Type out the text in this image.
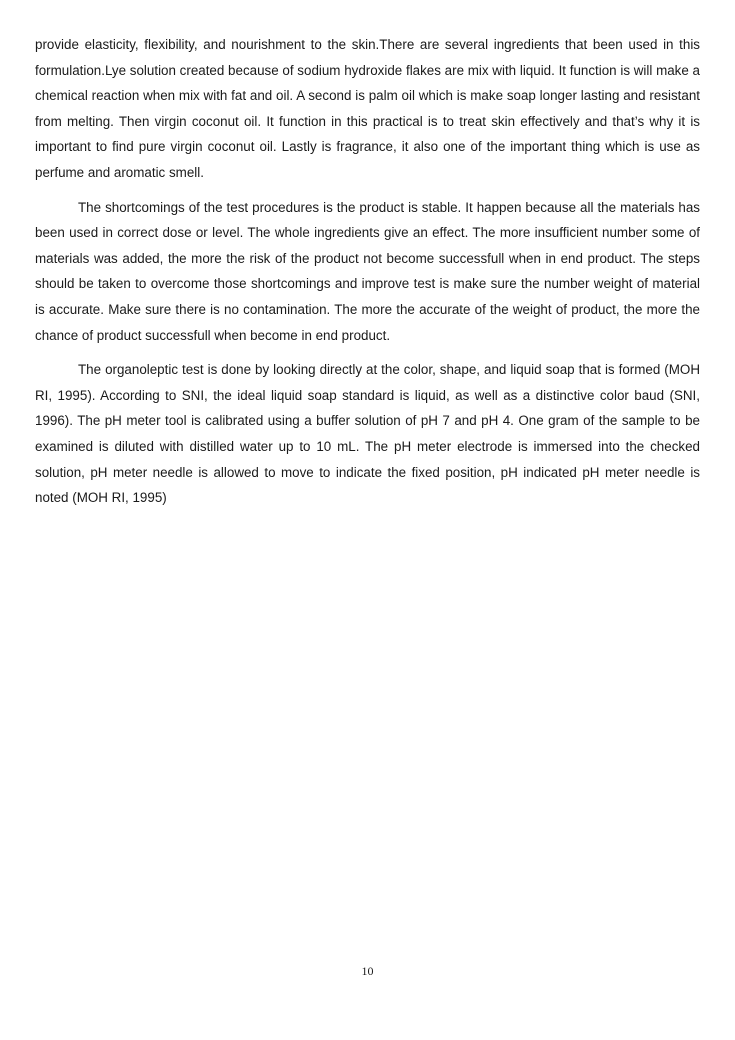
provide elasticity, flexibility, and nourishment to the skin.There are several ingredients that been used in this formulation.Lye solution created because of sodium hydroxide flakes are mix with liquid. It function is will make a chemical reaction when mix with fat and oil. A second is palm oil which is make soap longer lasting and resistant from melting. Then virgin coconut oil. It function in this practical is to treat skin effectively and that’s why it is important to find pure virgin coconut oil. Lastly is fragrance, it also one of the important thing which is use as perfume and aromatic smell.

The shortcomings of the test procedures is the product is stable. It happen because all the materials has been used in correct dose or level. The whole ingredients give an effect. The more insufficient number some of materials was added, the more the risk of the product not become successfull when in end product. The steps should be taken to overcome those shortcomings and improve test is make sure the number weight of material is accurate. Make sure there is no contamination. The more the accurate of the weight of product, the more the chance of product successfull when become in end product.

The organoleptic test is done by looking directly at the color, shape, and liquid soap that is formed (MOH RI, 1995). According to SNI, the ideal liquid soap standard is liquid, as well as a distinctive color baud (SNI, 1996). The pH meter tool is calibrated using a buffer solution of pH 7 and pH 4. One gram of the sample to be examined is diluted with distilled water up to 10 mL. The pH meter electrode is immersed into the checked solution, pH meter needle is allowed to move to indicate the fixed position, pH indicated pH meter needle is noted (MOH RI, 1995)

10
